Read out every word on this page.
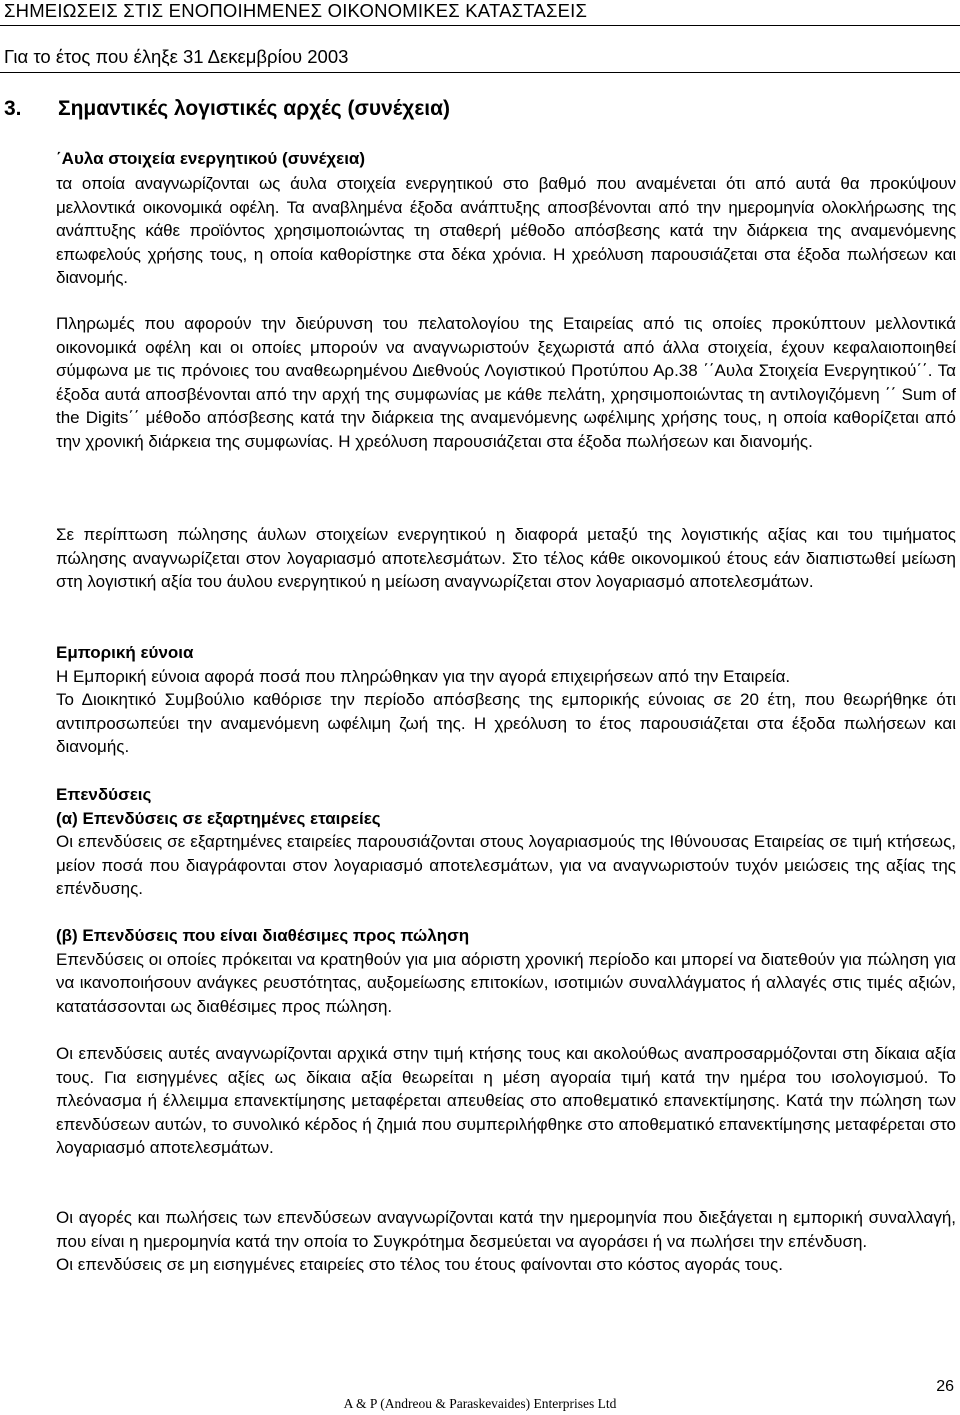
ΣΗΜΕΙΩΣΕΙΣ ΣΤΙΣ ΕΝΟΠΟΙΗΜΕΝΕΣ ΟΙΚΟΝΟΜΙΚΕΣ ΚΑΤΑΣΤΑΣΕΙΣ
Για το έτος που έληξε 31 Δεκεμβρίου 2003
3. Σημαντικές λογιστικές αρχές (συνέχεια)
΄Αυλα στοιχεία ενεργητικού (συνέχεια)

τα οποία αναγνωρίζονται ως άυλα στοιχεία ενεργητικού στο βαθμό που αναμένεται ότι από αυτά θα προκύψουν μελλοντικά οικονομικά οφέλη. Τα αναβλημένα έξοδα ανάπτυξης αποσβένονται από την ημερομηνία ολοκλήρωσης της ανάπτυξης κάθε προϊόντος χρησιμοποιώντας τη σταθερή μέθοδο απόσβεσης κατά την διάρκεια της αναμενόμενης επωφελούς χρήσης τους, η οποία καθορίστηκε στα δέκα χρόνια. Η χρεόλυση παρουσιάζεται στα έξοδα πωλήσεων και διανομής.

Πληρωμές που αφορούν την διεύρυνση του πελατολογίου της Εταιρείας από τις οποίες προκύπτουν μελλοντικά οικονομικά οφέλη και οι οποίες μπορούν να αναγνωριστούν ξεχωριστά από άλλα στοιχεία, έχουν κεφαλαιοποιηθεί σύμφωνα με τις πρόνοιες του αναθεωρημένου Διεθνούς Λογιστικού Προτύπου Αρ.38 ΄΄Αυλα Στοιχεία Ενεργητικού΄΄. Τα έξοδα αυτά αποσβένονται από την αρχή της συμφωνίας με κάθε πελάτη, χρησιμοποιώντας τη αντιλογιζόμενη ΄΄ Sum of the Digits΄΄ μέθοδο απόσβεσης κατά την διάρκεια της αναμενόμενης ωφέλιμης χρήσης τους, η οποία καθορίζεται από την χρονική διάρκεια της συμφωνίας. Η χρεόλυση παρουσιάζεται στα έξοδα πωλήσεων και διανομής.

Σε περίπτωση πώλησης άυλων στοιχείων ενεργητικού η διαφορά μεταξύ της λογιστικής αξίας και του τιμήματος πώλησης αναγνωρίζεται στον λογαριασμό αποτελεσμάτων. Στο τέλος κάθε οικονομικού έτους εάν διαπιστωθεί μείωση στη λογιστική αξία του άυλου ενεργητικού η μείωση αναγνωρίζεται στον λογαριασμό αποτελεσμάτων.

Εμπορική εύνοια

Η Εμπορική εύνοια αφορά ποσά που πληρώθηκαν για την αγορά επιχειρήσεων από την Εταιρεία.

Το Διοικητικό Συμβούλιο καθόρισε την περίοδο απόσβεσης της εμπορικής εύνοιας σε 20 έτη, που θεωρήθηκε ότι αντιπροσωπεύει την αναμενόμενη ωφέλιμη ζωή της. Η χρεόλυση το έτος παρουσιάζεται στα έξοδα πωλήσεων και διανομής.

Επενδύσεις

(α) Επενδύσεις σε εξαρτημένες εταιρείες

Οι επενδύσεις σε εξαρτημένες εταιρείες παρουσιάζονται στους λογαριασμούς της Ιθύνουσας Εταιρείας σε τιμή κτήσεως, μείον ποσά που διαγράφονται στον λογαριασμό αποτελεσμάτων, για να αναγνωριστούν τυχόν μειώσεις της αξίας της επένδυσης.

(β) Επενδύσεις που είναι διαθέσιμες προς πώληση

Επενδύσεις οι οποίες πρόκειται να κρατηθούν για μια αόριστη χρονική περίοδο και μπορεί να διατεθούν για πώληση για να ικανοποιήσουν ανάγκες ρευστότητας, αυξομείωσης επιτοκίων, ισοτιμιών συναλλάγματος ή αλλαγές στις τιμές αξιών, κατατάσσονται ως διαθέσιμες προς πώληση.

Οι επενδύσεις αυτές αναγνωρίζονται αρχικά στην τιμή κτήσης τους και ακολούθως αναπροσαρμόζονται στη δίκαια αξία τους. Για εισηγμένες αξίες ως δίκαια αξία θεωρείται η μέση αγοραία τιμή κατά την ημέρα του ισολογισμού. Το πλεόνασμα ή έλλειμμα επανεκτίμησης μεταφέρεται απευθείας στο αποθεματικό επανεκτίμησης. Κατά την πώληση των επενδύσεων αυτών, το συνολικό κέρδος ή ζημιά που συμπεριλήφθηκε στο αποθεματικό επανεκτίμησης μεταφέρεται στο λογαριασμό αποτελεσμάτων.

Οι αγορές και πωλήσεις των επενδύσεων αναγνωρίζονται κατά την ημερομηνία που διεξάγεται η εμπορική συναλλαγή, που είναι η ημερομηνία κατά την οποία το Συγκρότημα δεσμεύεται να αγοράσει ή να πωλήσει την επένδυση.

Οι επενδύσεις σε μη εισηγμένες εταιρείες στο τέλος του έτους φαίνονται στο κόστος αγοράς τους.

26
A & P (Andreou & Paraskevaides) Enterprises Ltd
